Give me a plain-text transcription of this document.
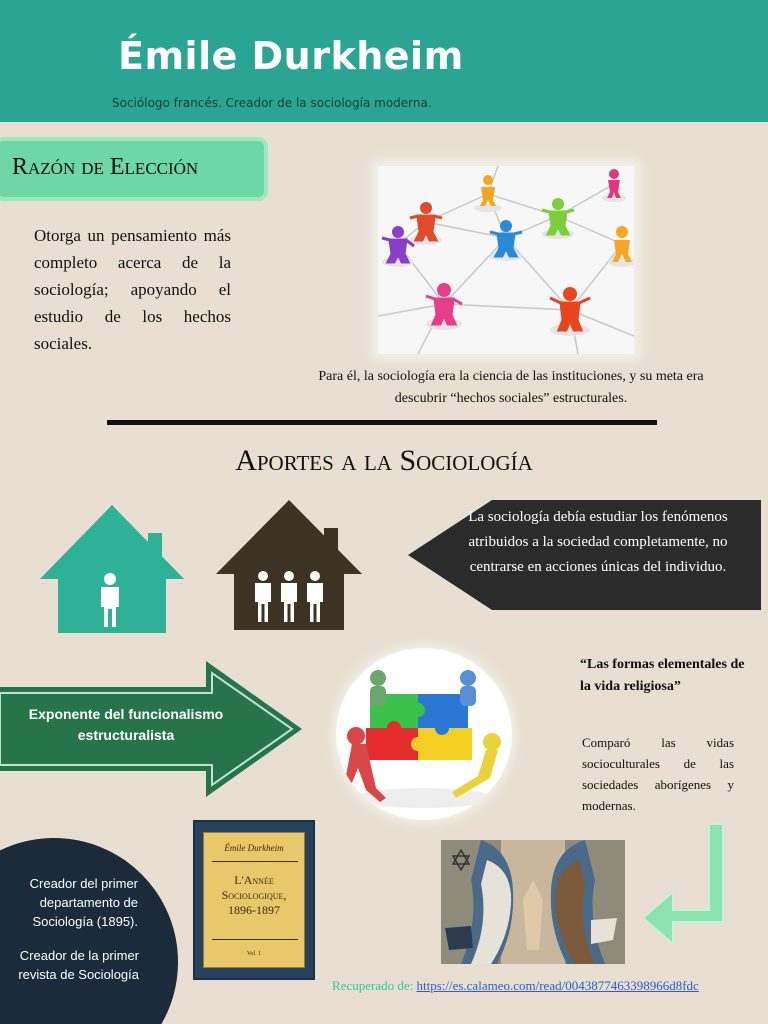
Émile Durkheim
Sociólogo francés. Creador de la sociología moderna.
Razón de Elección
Otorga un pensamiento más completo acerca de la sociología; apoyando el estudio de los hechos sociales.
Para él, la sociología era la ciencia de las instituciones, y su meta era descubrir “hechos sociales” estructurales.
Aportes a la Sociología
La sociología debía estudiar los fenómenos atribuidos a la sociedad completamente, no centrarse en acciones únicas del individuo.
Exponente del funcionalismo estructuralista
“Las formas elementales de la vida religiosa”
Comparó las vidas socioculturales de las sociedades aborígenes y modernas.
Creador del primer departamento de Sociología (1895).
Creador de la primer revista de Sociología
Émile Durkheim
L'Année
Sociologique,
1896-1897
Vol. 1
Recuperado de: https://es.calameo.com/read/0043877463398966d8fdc
